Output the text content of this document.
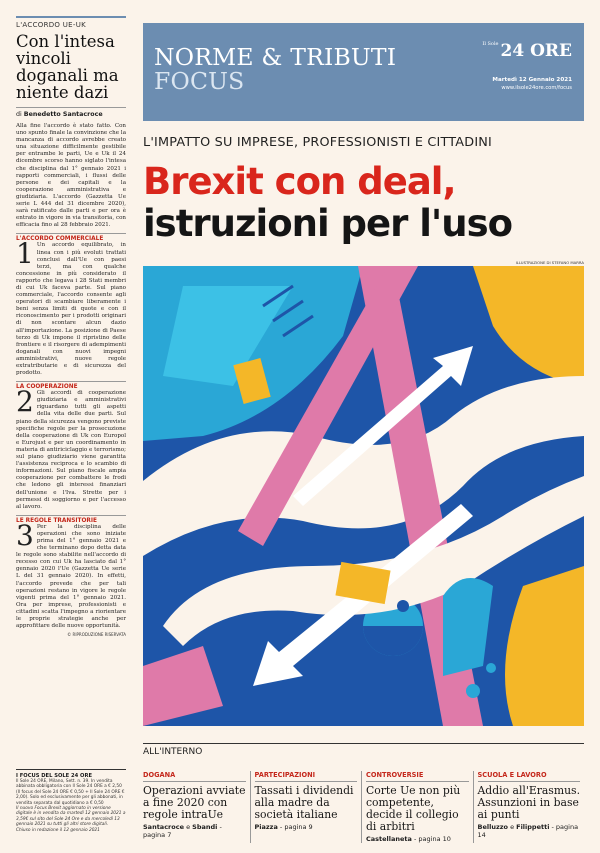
L'ACCORDO UE-UK
Con l'intesa vincoli doganali ma niente dazi
di Benedetto Santacroce

Alla fine l'accordo è stato fatto. Con uno spunto finale la convinzione che la mancanza di accordo avrebbe creato una situazione difficilmente gestibile per entrambe le parti, Ue e Uk il 24 dicembre scorso hanno siglato l'intesa che disciplina dal 1° gennaio 2021 i rapporti commerciali, i flussi delle persone e dei capitali e la cooperazione amministrativa e giudiziaria. L'accordo (Gazzetta Ue serie L 444 del 31 dicembre 2020), sarà ratificato dalle parti e per ora è entrato in vigore in via transitoria, con efficacia fino al 28 febbraio 2021.

L'ACCORDO COMMERCIALE

1 Un accordo equilibrato, in linea con i più evoluti trattati conclusi dall'Ue con paesi terzi, ma con qualche concessione in più considerato il rapporto che legava i 28 Stati membri di cui Uk faceva parte. Sul piano commerciale, l'accordo consente agli operatori di scambiare liberamente i beni senza limiti di quote e con il riconoscimento per i prodotti originari di non scontare alcun dazio all'importazione. La posizione di Paese terzo di Uk impone il ripristino delle frontiere e il risorgere di adempimenti doganali con nuovi impegni amministrativi, nuove regole extratributarie e di sicurezza del prodotto.

LA COOPERAZIONE

2 Gli accordi di cooperazione giudiziaria e amministrativi riguardano tutti gli aspetti della vita delle due parti. Sul piano della sicurezza vengono previste specifiche regole per la prosecuzione della cooperazione di Uk con Europol e Eurojust e per un coordinamento in materia di antiriciclaggio e terrorismo; sul piano giudiziario viene garantita l'assistenza reciproca e lo scambio di informazioni. Sul piano fiscale ampia cooperazione per combattere le frodi che ledono gli interessi finanziari dell'unione e l'Iva. Strette per i permessi di soggiorno e per l'accesso al lavoro.

LE REGOLE TRANSITORIE

3 Per la disciplina delle operazioni che sono iniziate prima del 1° gennaio 2021 e che terminano dopo detta data le regole sono stabilite nell'accordo di recesso con cui Uk ha lasciato dal 1° gennaio 2020 l'Ue (Gazzetta Ue serie L del 31 gennaio 2020). In effetti, l'accordo prevede che per tali operazioni restano in vigore le regole vigenti prima del 1° gennaio 2021. Ora per imprese, professionisti e cittadini scatta l'impegno a riorientare le proprie strategie anche per approfittare delle nuove opportunità.

© RIPRODUZIONE RISERVATA
I FOCUS DEL SOLE 24 ORE
Il Sole 24 ORE, Milano, Sett. n. 39. In vendita abbinata obbligatoria con Il Sole 24 ORE a € 2,50 (Il focus del Sole 24 ORE € 0,50 + Il Sole 24 ORE € 2,00). Solo ed esclusivamente per gli abbonati, in vendita separata dal quotidiano a € 0,50
Il nuovo Focus Brexit aggiornato in versione digitale è in vendita da martedì 12 gennaio 2021 a 3,59€ sul sito del Sole 24 Ore e da mercoledì 13 gennaio 2021 su tutti gli altri store digitali.
Chiuso in redazione il 12 gennaio 2021
NORME & TRIBUTI
FOCUS
$^{Il Sole}$ 24 ORE
Martedì 12 Gennaio 2021
www.ilsole24ore.com/focus
L'IMPATTO SU IMPRESE, PROFESSIONISTI E CITTADINI
Brexit con deal,
istruzioni per l'uso
ILLUSTRAZIONE DI STEFANO MARRA
ALL'INTERNO
DOGANA
Operazioni avviate a fine 2020 con regole intraUe
Santacroce e Sbandi - pagina 7
PARTECIPAZIONI
Tassati i dividendi alla madre da società italiane
Piazza - pagina 9
CONTROVERSIE
Corte Ue non più competente, decide il collegio di arbitri
Castellaneta - pagina 10
SCUOLA E LAVORO
Addio all'Erasmus. Assunzioni in base ai punti
Belluzzo e Filippetti - pagina 14
